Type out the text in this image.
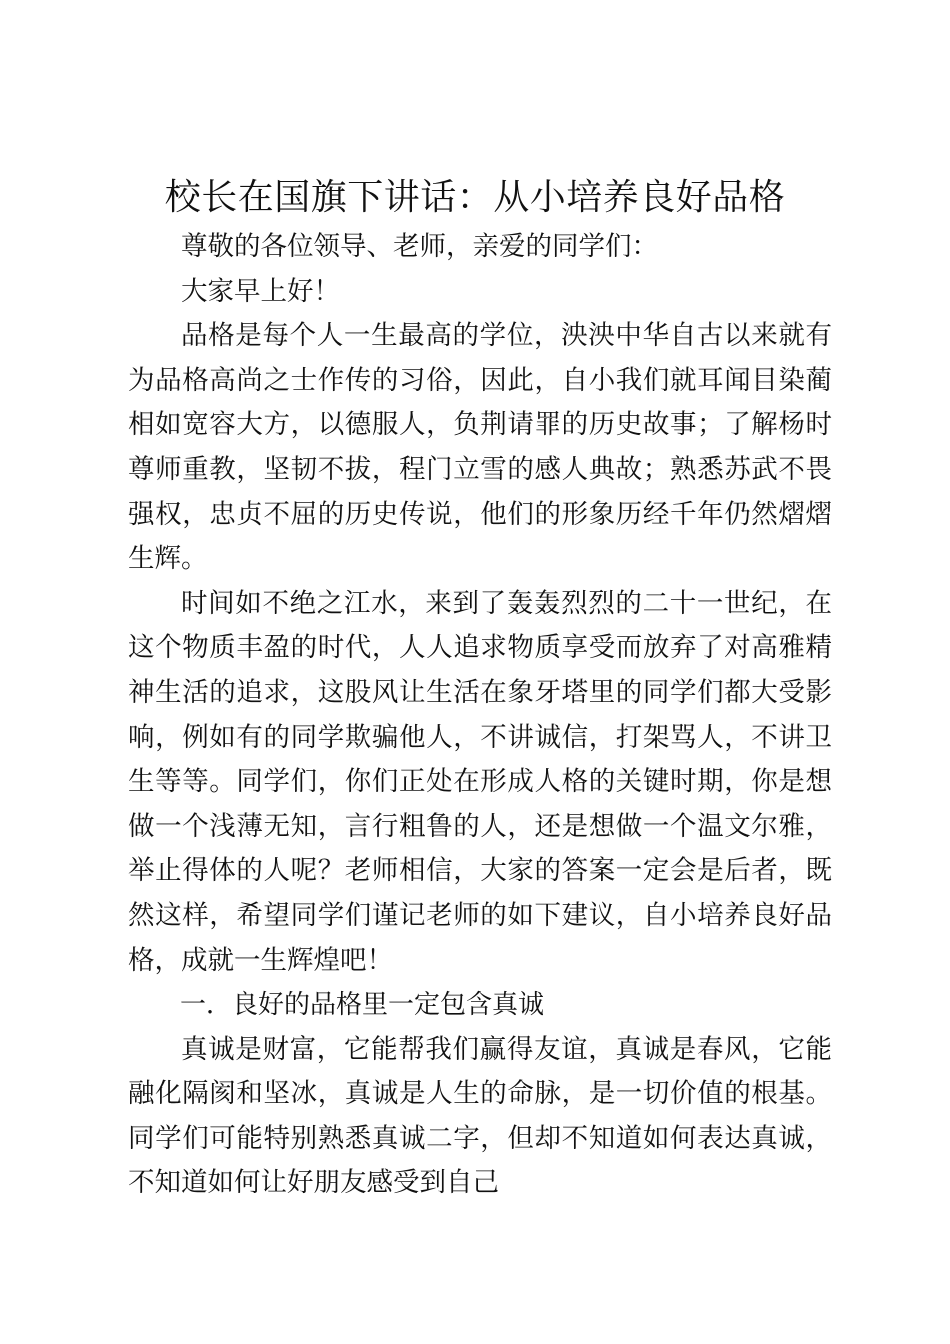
校长在国旗下讲话：从小培养良好品格

尊敬的各位领导、老师，亲爱的同学们：

大家早上好！

品格是每个人一生最高的学位，泱泱中华自古以来就有为品格高尚之士作传的习俗，因此，自小我们就耳闻目染蔺相如宽容大方，以德服人，负荆请罪的历史故事；了解杨时尊师重教，坚韧不拔，程门立雪的感人典故；熟悉苏武不畏强权，忠贞不屈的历史传说，他们的形象历经千年仍然熠熠生辉。

时间如不绝之江水，来到了轰轰烈烈的二十一世纪，在这个物质丰盈的时代，人人追求物质享受而放弃了对高雅精神生活的追求，这股风让生活在象牙塔里的同学们都大受影响，例如有的同学欺骗他人，不讲诚信，打架骂人，不讲卫生等等。同学们，你们正处在形成人格的关键时期，你是想做一个浅薄无知，言行粗鲁的人，还是想做一个温文尔雅，举止得体的人呢？老师相信，大家的答案一定会是后者，既然这样，希望同学们谨记老师的如下建议，自小培养良好品格，成就一生辉煌吧！

一．良好的品格里一定包含真诚

真诚是财富，它能帮我们赢得友谊，真诚是春风，它能融化隔阂和坚冰，真诚是人生的命脉，是一切价值的根基。同学们可能特别熟悉真诚二字，但却不知道如何表达真诚，不知道如何让好朋友感受到自己
